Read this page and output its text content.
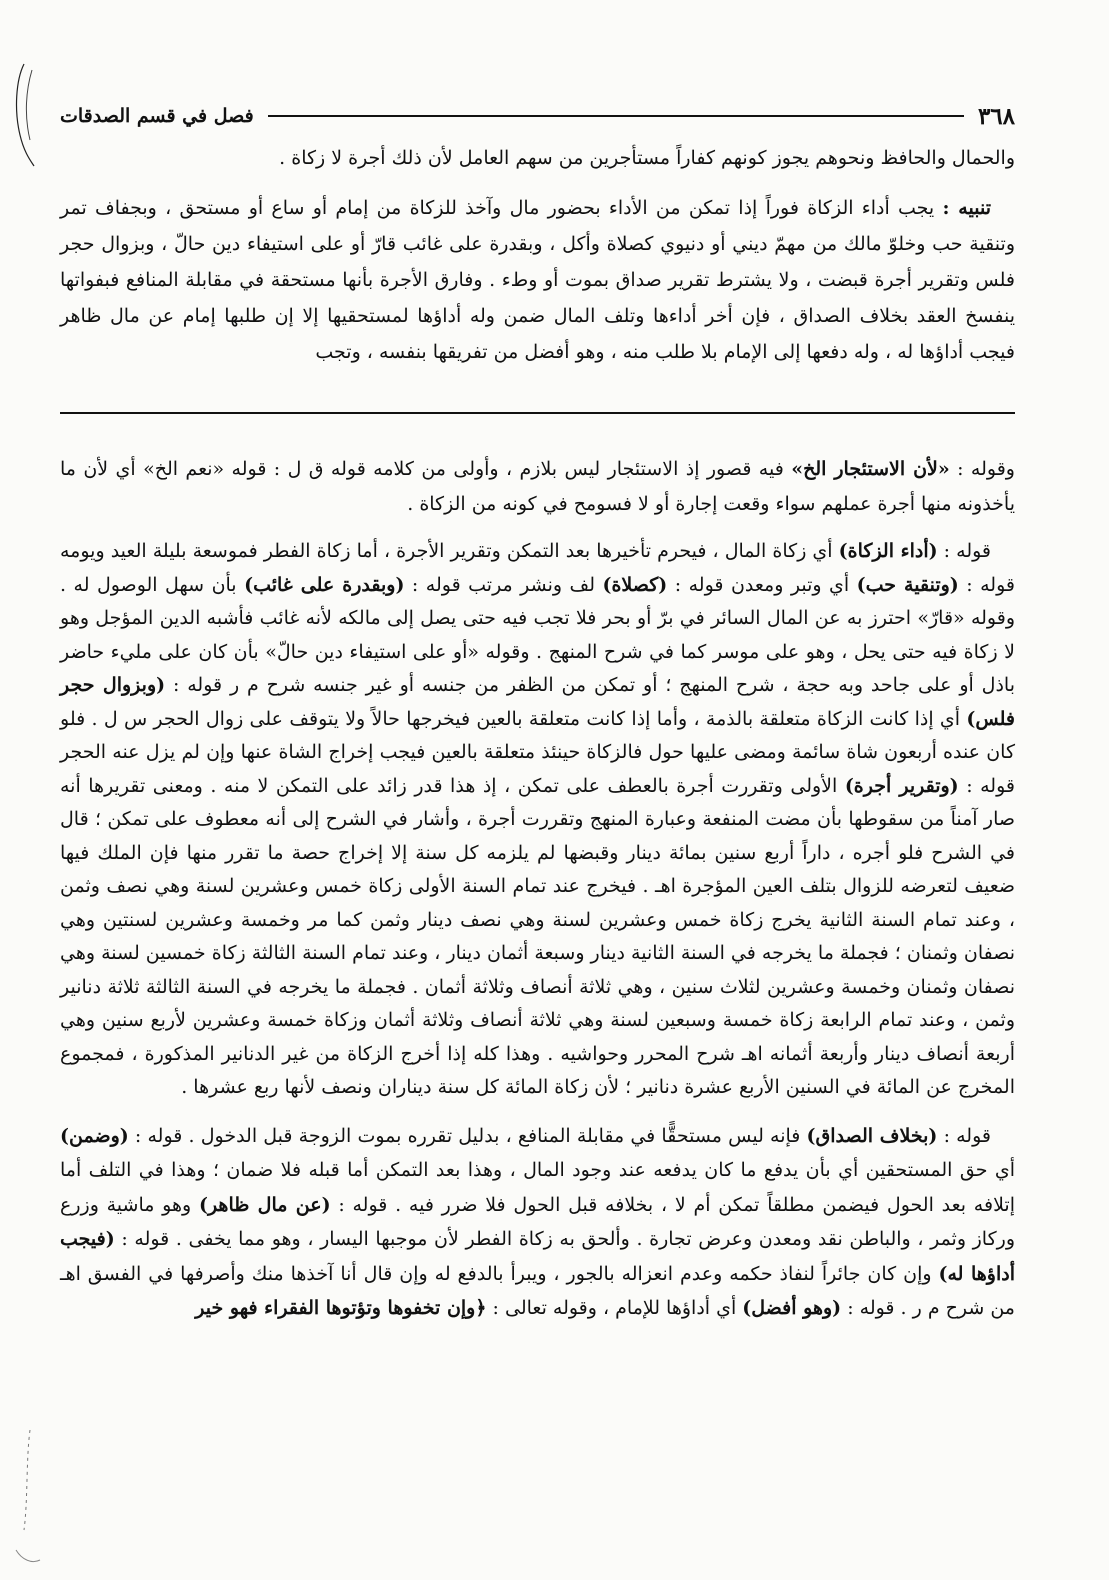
٣٦٨
فصل في قسم الصدقات

والحمال والحافظ ونحوهم يجوز كونهم كفاراً مستأجرين من سهم العامل لأن ذلك أجرة لا زكاة .

تنبيه : يجب أداء الزكاة فوراً إذا تمكن من الأداء بحضور مال وآخذ للزكاة من إمام أو ساع أو مستحق ، وبجفاف تمر وتنقية حب وخلوّ مالك من مهمّ ديني أو دنيوي كصلاة وأكل ، وبقدرة على غائب قارّ أو على استيفاء دين حالّ ، وبزوال حجر فلس وتقرير أجرة قبضت ، ولا يشترط تقرير صداق بموت أو وطء . وفارق الأجرة بأنها مستحقة في مقابلة المنافع فبفواتها ينفسخ العقد بخلاف الصداق ، فإن أخر أداءها وتلف المال ضمن وله أداؤها لمستحقيها إلا إن طلبها إمام عن مال ظاهر فيجب أداؤها له ، وله دفعها إلى الإمام بلا طلب منه ، وهو أفضل من تفريقها بنفسه ، وتجب

وقوله : «لأن الاستئجار الخ» فيه قصور إذ الاستئجار ليس بلازم ، وأولى من كلامه قوله ق ل : قوله «نعم الخ» أي لأن ما يأخذونه منها أجرة عملهم سواء وقعت إجارة أو لا فسومح في كونه من الزكاة .

قوله : (أداء الزكاة) أي زكاة المال ، فيحرم تأخيرها بعد التمكن وتقرير الأجرة ، أما زكاة الفطر فموسعة بليلة العيد ويومه قوله : (وتنقية حب) أي وتبر ومعدن قوله : (كصلاة) لف ونشر مرتب قوله : (وبقدرة على غائب) بأن سهل الوصول له . وقوله «قارّ» احترز به عن المال السائر في برّ أو بحر فلا تجب فيه حتى يصل إلى مالكه لأنه غائب فأشبه الدين المؤجل وهو لا زكاة فيه حتى يحل ، وهو على موسر كما في شرح المنهج . وقوله «أو على استيفاء دين حالّ» بأن كان على مليء حاضر باذل أو على جاحد وبه حجة ، شرح المنهج ؛ أو تمكن من الظفر من جنسه أو غير جنسه شرح م ر قوله : (وبزوال حجر فلس) أي إذا كانت الزكاة متعلقة بالذمة ، وأما إذا كانت متعلقة بالعين فيخرجها حالاً ولا يتوقف على زوال الحجر س ل . فلو كان عنده أربعون شاة سائمة ومضى عليها حول فالزكاة حينئذ متعلقة بالعين فيجب إخراج الشاة عنها وإن لم يزل عنه الحجر قوله : (وتقرير أجرة) الأولى وتقررت أجرة بالعطف على تمكن ، إذ هذا قدر زائد على التمكن لا منه . ومعنى تقريرها أنه صار آمناً من سقوطها بأن مضت المنفعة وعبارة المنهج وتقررت أجرة ، وأشار في الشرح إلى أنه معطوف على تمكن ؛ قال في الشرح فلو أجره ، داراً أربع سنين بمائة دينار وقبضها لم يلزمه كل سنة إلا إخراج حصة ما تقرر منها فإن الملك فيها ضعيف لتعرضه للزوال بتلف العين المؤجرة اهـ . فيخرج عند تمام السنة الأولى زكاة خمس وعشرين لسنة وهي نصف وثمن ، وعند تمام السنة الثانية يخرج زكاة خمس وعشرين لسنة وهي نصف دينار وثمن كما مر وخمسة وعشرين لسنتين وهي نصفان وثمنان ؛ فجملة ما يخرجه في السنة الثانية دينار وسبعة أثمان دينار ، وعند تمام السنة الثالثة زكاة خمسين لسنة وهي نصفان وثمنان وخمسة وعشرين لثلاث سنين ، وهي ثلاثة أنصاف وثلاثة أثمان . فجملة ما يخرجه في السنة الثالثة ثلاثة دنانير وثمن ، وعند تمام الرابعة زكاة خمسة وسبعين لسنة وهي ثلاثة أنصاف وثلاثة أثمان وزكاة خمسة وعشرين لأربع سنين وهي أربعة أنصاف دينار وأربعة أثمانه اهـ شرح المحرر وحواشيه . وهذا كله إذا أخرج الزكاة من غير الدنانير المذكورة ، فمجموع المخرج عن المائة في السنين الأربع عشرة دنانير ؛ لأن زكاة المائة كل سنة ديناران ونصف لأنها ربع عشرها .

قوله : (بخلاف الصداق) فإنه ليس مستحقًّا في مقابلة المنافع ، بدليل تقرره بموت الزوجة قبل الدخول . قوله : (وضمن) أي حق المستحقين أي بأن يدفع ما كان يدفعه عند وجود المال ، وهذا بعد التمكن أما قبله فلا ضمان ؛ وهذا في التلف أما إتلافه بعد الحول فيضمن مطلقاً تمكن أم لا ، بخلافه قبل الحول فلا ضرر فيه . قوله : (عن مال ظاهر) وهو ماشية وزرع وركاز وثمر ، والباطن نقد ومعدن وعرض تجارة . وألحق به زكاة الفطر لأن موجبها اليسار ، وهو مما يخفى . قوله : (فيجب أداؤها له) وإن كان جائراً لنفاذ حكمه وعدم انعزاله بالجور ، ويبرأ بالدفع له وإن قال أنا آخذها منك وأصرفها في الفسق اهـ من شرح م ر . قوله : (وهو أفضل) أي أداؤها للإمام ، وقوله تعالى : ﴿وإن تخفوها وتؤتوها الفقراء فهو خير
